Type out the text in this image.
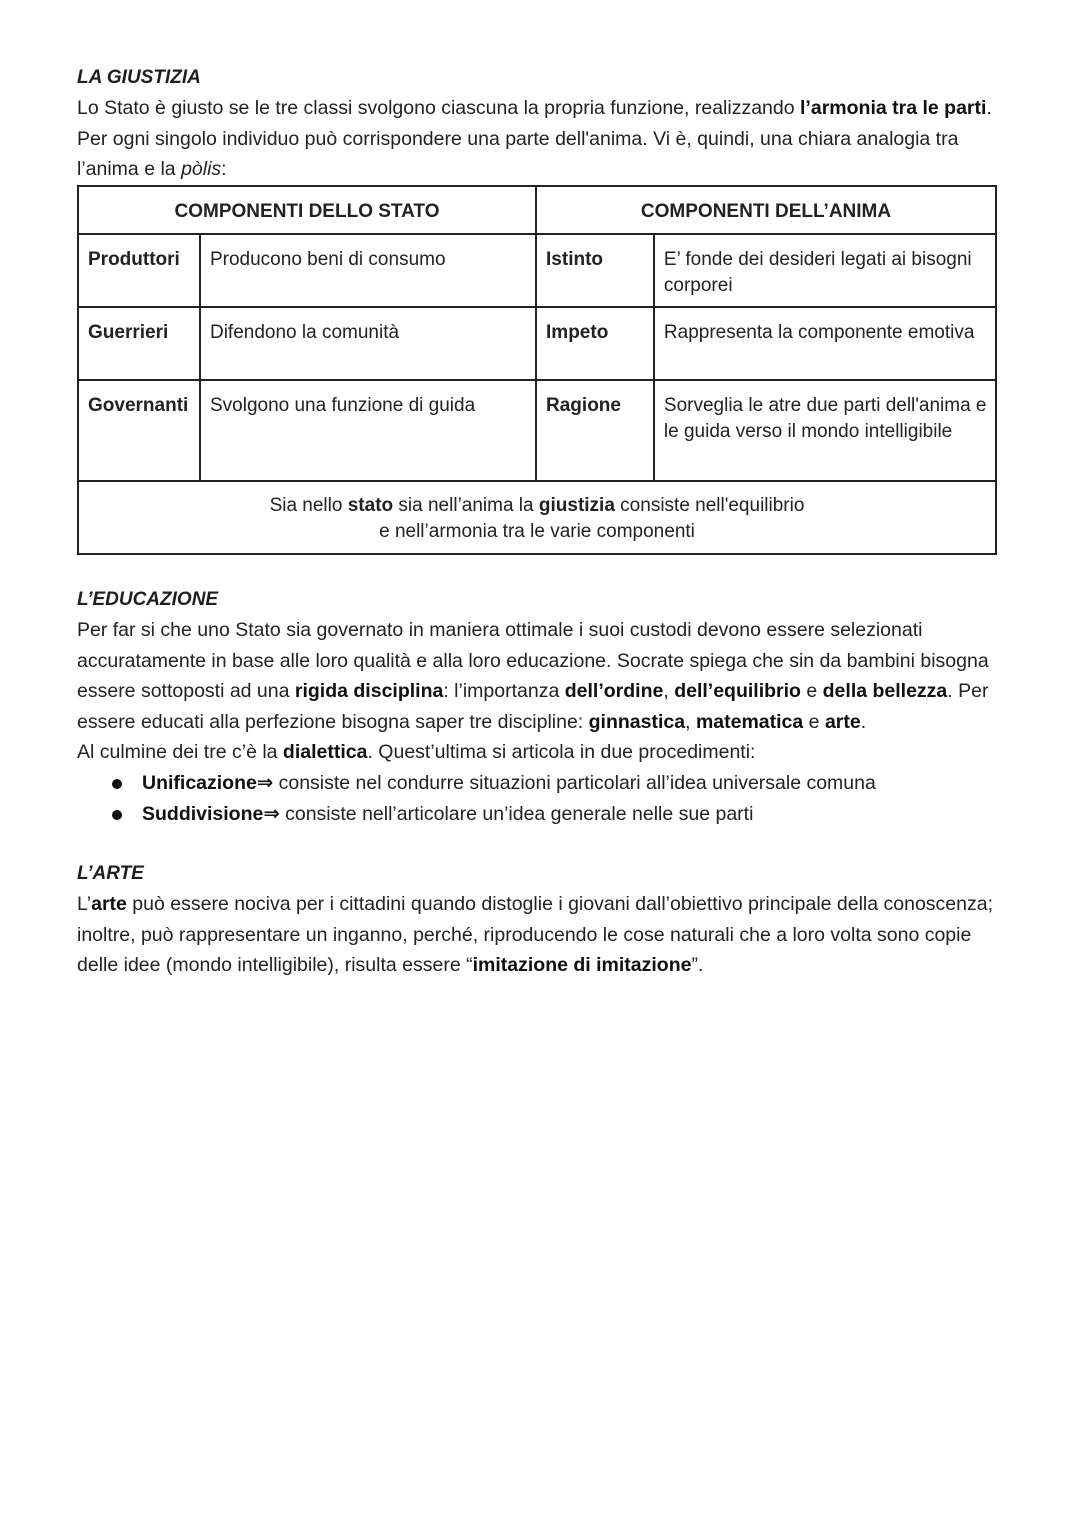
LA GIUSTIZIA

Lo Stato è giusto se le tre classi svolgono ciascuna la propria funzione, realizzando l’armonia tra le parti.
Per ogni singolo individuo può corrispondere una parte dell'anima. Vi è, quindi, una chiara analogia tra l’anima e la pòlis:

COMPONENTI DELLO STATO		COMPONENTI DELL’ANIMA	
Produttori	Producono beni di consumo	Istinto	E’ fonde dei desideri legati ai bisogni corporei
Guerrieri	Difendono la comunità	Impeto	Rappresenta la componente emotiva
Governanti	Svolgono una funzione di guida	Ragione	Sorveglia le atre due parti dell'anima e le guida verso il mondo intelligibile
Sia nello stato sia nell’anima la giustizia consiste nell'equilibrio
e nell’armonia tra le varie componenti			
L’EDUCAZIONE

Per far si che uno Stato sia governato in maniera ottimale i suoi custodi devono essere selezionati accuratamente in base alle loro qualità e alla loro educazione. Socrate spiega che sin da bambini bisogna essere sottoposti ad una rigida disciplina: l’importanza dell’ordine, dell’equilibrio e della bellezza. Per essere educati alla perfezione bisogna saper tre discipline: ginnastica, matematica e arte.
Al culmine dei tre c’è la dialettica. Quest’ultima si articola in due procedimenti:

Unificazione⇒ consiste nel condurre situazioni particolari all’idea universale comuna
Suddivisione⇒ consiste nell’articolare un’idea generale nelle sue parti
L’ARTE

L’arte può essere nociva per i cittadini quando distoglie i giovani dall’obiettivo principale della conoscenza; inoltre, può rappresentare un inganno, perché, riproducendo le cose naturali che a loro volta sono copie delle idee (mondo intelligibile), risulta essere “imitazione di imitazione”.
